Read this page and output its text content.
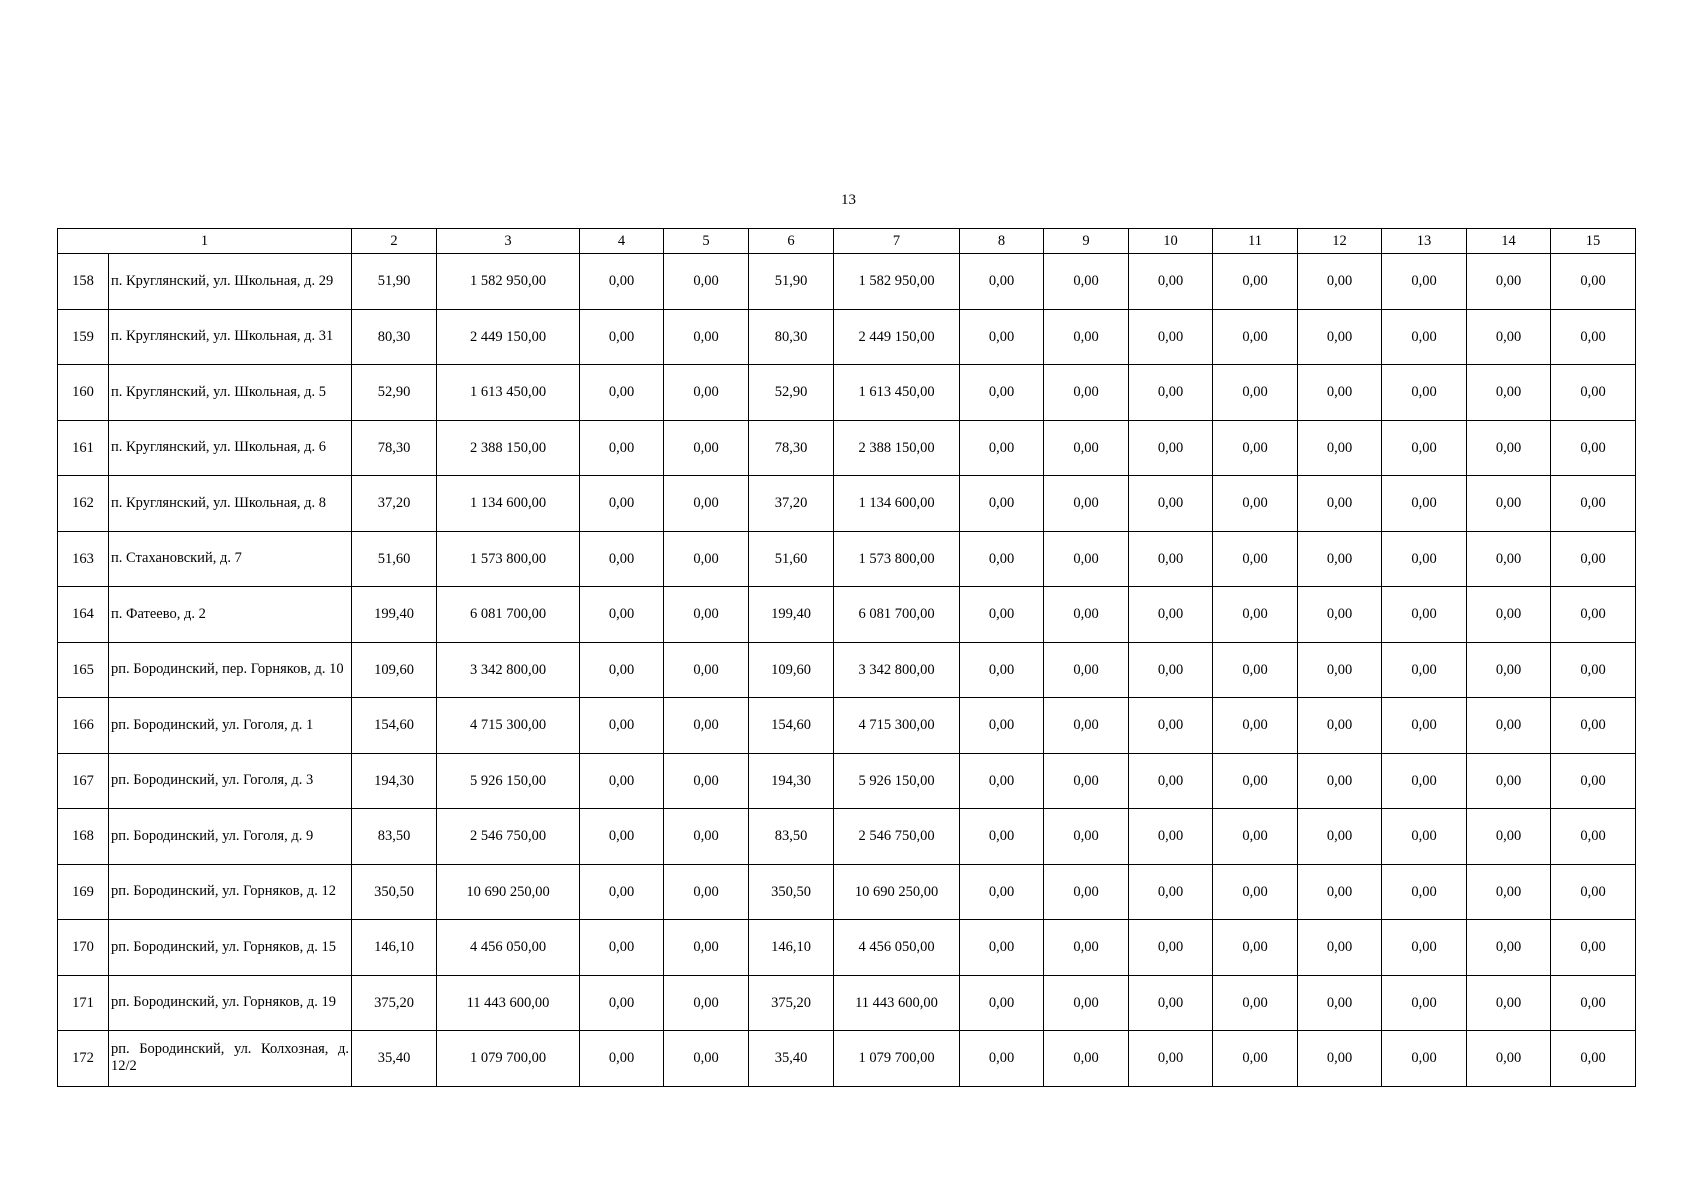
13
1		2	3	4	5	6	7	8	9	10	11	12	13	14	15
158	п. Круглянский, ул. Школьная, д. 29	51,90	1 582 950,00	0,00	0,00	51,90	1 582 950,00	0,00	0,00	0,00	0,00	0,00	0,00	0,00	0,00
159	п. Круглянский, ул. Школьная, д. 31	80,30	2 449 150,00	0,00	0,00	80,30	2 449 150,00	0,00	0,00	0,00	0,00	0,00	0,00	0,00	0,00
160	п. Круглянский, ул. Школьная, д. 5	52,90	1 613 450,00	0,00	0,00	52,90	1 613 450,00	0,00	0,00	0,00	0,00	0,00	0,00	0,00	0,00
161	п. Круглянский, ул. Школьная, д. 6	78,30	2 388 150,00	0,00	0,00	78,30	2 388 150,00	0,00	0,00	0,00	0,00	0,00	0,00	0,00	0,00
162	п. Круглянский, ул. Школьная, д. 8	37,20	1 134 600,00	0,00	0,00	37,20	1 134 600,00	0,00	0,00	0,00	0,00	0,00	0,00	0,00	0,00
163	п. Стахановский, д. 7	51,60	1 573 800,00	0,00	0,00	51,60	1 573 800,00	0,00	0,00	0,00	0,00	0,00	0,00	0,00	0,00
164	п. Фатеево, д. 2	199,40	6 081 700,00	0,00	0,00	199,40	6 081 700,00	0,00	0,00	0,00	0,00	0,00	0,00	0,00	0,00
165	рп. Бородинский, пер. Горняков, д. 10	109,60	3 342 800,00	0,00	0,00	109,60	3 342 800,00	0,00	0,00	0,00	0,00	0,00	0,00	0,00	0,00
166	рп. Бородинский, ул. Гоголя, д. 1	154,60	4 715 300,00	0,00	0,00	154,60	4 715 300,00	0,00	0,00	0,00	0,00	0,00	0,00	0,00	0,00
167	рп. Бородинский, ул. Гоголя, д. 3	194,30	5 926 150,00	0,00	0,00	194,30	5 926 150,00	0,00	0,00	0,00	0,00	0,00	0,00	0,00	0,00
168	рп. Бородинский, ул. Гоголя, д. 9	83,50	2 546 750,00	0,00	0,00	83,50	2 546 750,00	0,00	0,00	0,00	0,00	0,00	0,00	0,00	0,00
169	рп. Бородинский, ул. Горняков, д. 12	350,50	10 690 250,00	0,00	0,00	350,50	10 690 250,00	0,00	0,00	0,00	0,00	0,00	0,00	0,00	0,00
170	рп. Бородинский, ул. Горняков, д. 15	146,10	4 456 050,00	0,00	0,00	146,10	4 456 050,00	0,00	0,00	0,00	0,00	0,00	0,00	0,00	0,00
171	рп. Бородинский, ул. Горняков, д. 19	375,20	11 443 600,00	0,00	0,00	375,20	11 443 600,00	0,00	0,00	0,00	0,00	0,00	0,00	0,00	0,00
172	рп. Бородинский, ул. Колхозная, д. 12/2	35,40	1 079 700,00	0,00	0,00	35,40	1 079 700,00	0,00	0,00	0,00	0,00	0,00	0,00	0,00	0,00
